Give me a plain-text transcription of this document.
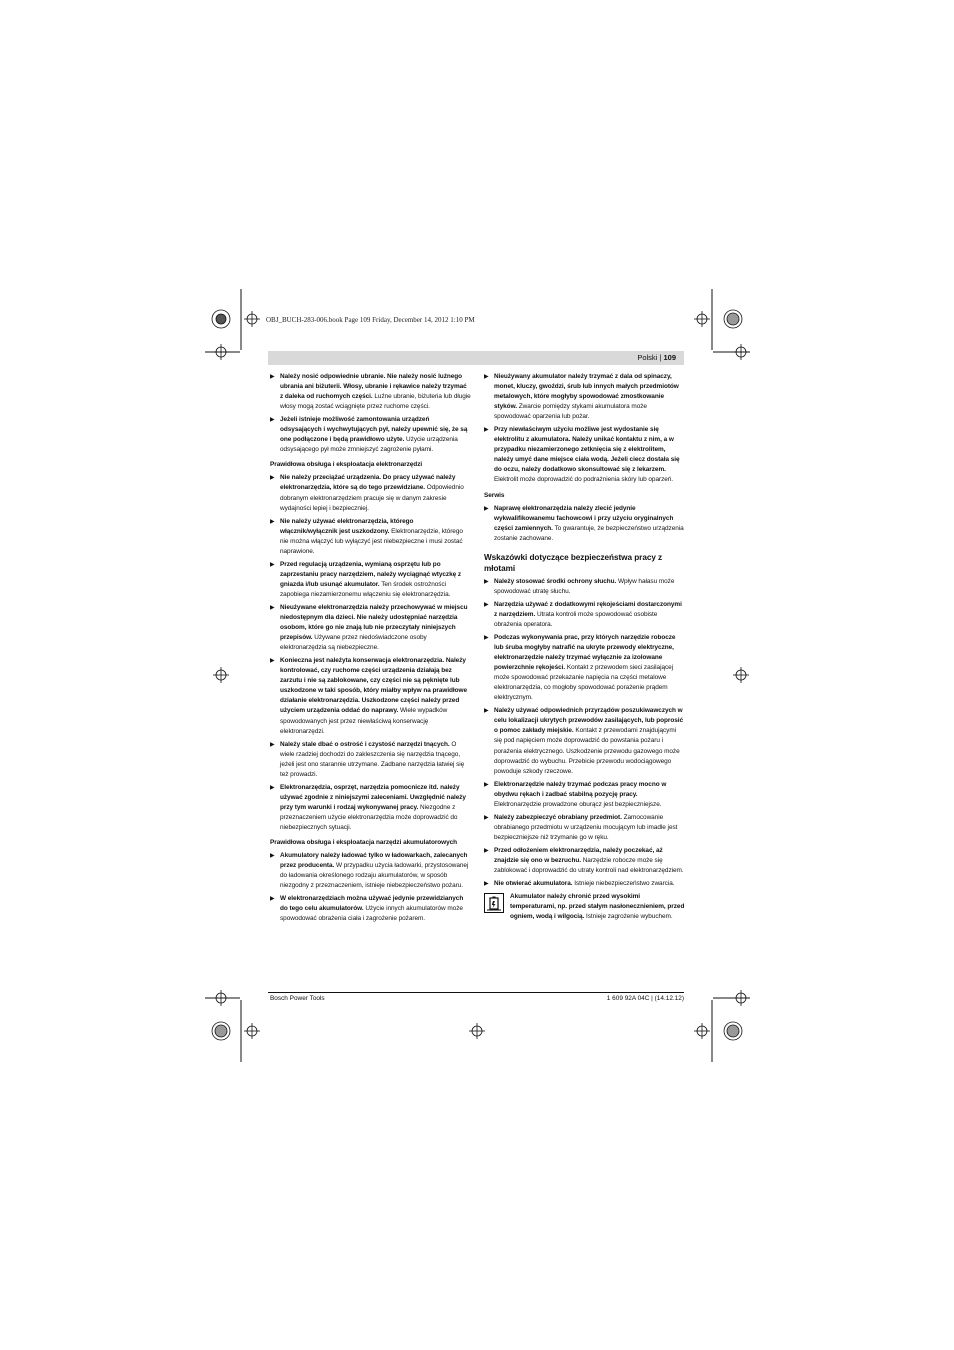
OBJ_BUCH-283-006.book Page 109 Friday, December 14, 2012 1:10 PM
Polski | 109
▶ Należy nosić odpowiednie ubranie. Nie należy nosić luźnego ubrania ani biżuterii. Włosy, ubranie i rękawice należy trzymać z daleka od ruchomych części. Luźne ubranie, biżuteria lub długie włosy mogą zostać wciągnięte przez ruchome części.
▶ Jeżeli istnieje możliwość zamontowania urządzeń odsysających i wychwytujących pył, należy upewnić się, że są one podłączone i będą prawidłowo użyte. Użycie urządzenia odsysającego pył może zmniejszyć zagrożenie pyłami.
Prawidłowa obsługa i eksploatacja elektronarzędzi
▶ Nie należy przeciążać urządzenia. Do pracy używać należy elektronarzędzia, które są do tego przewidziane. Odpowiednio dobranym elektronarzędziem pracuje się w danym zakresie wydajności lepiej i bezpieczniej.
▶ Nie należy używać elektronarzędzia, którego włącznik/wyłącznik jest uszkodzony. Elektronarzędzie, którego nie można włączyć lub wyłączyć jest niebezpieczne i musi zostać naprawione.
▶ Przed regulacją urządzenia, wymianą osprzętu lub po zaprzestaniu pracy narzędziem, należy wyciągnąć wtyczkę z gniazda i/lub usunąć akumulator. Ten środek ostrożności zapobiega niezamierzonemu włączeniu się elektronarzędzia.
▶ Nieużywane elektronarzędzia należy przechowywać w miejscu niedostępnym dla dzieci. Nie należy udostępniać narzędzia osobom, które go nie znają lub nie przeczytały niniejszych przepisów. Używane przez niedoświadczone osoby elektronarzędzia są niebezpieczne.
▶ Konieczna jest należyta konserwacja elektronarzędzia. Należy kontrolować, czy ruchome części urządzenia działają bez zarzutu i nie są zablokowane, czy części nie są pęknięte lub uszkodzone w taki sposób, który miałby wpływ na prawidłowe działanie elektronarzędzia. Uszkodzone części należy przed użyciem urządzenia oddać do naprawy. Wiele wypadków spowodowanych jest przez niewłaściwą konserwację elektronarzędzi.
▶ Należy stale dbać o ostrość i czystość narzędzi tnących. O wiele rzadziej dochodzi do zakleszczenia się narzędzia tnącego, jeżeli jest ono starannie utrzymane. Zadbane narzędzia łatwiej się też prowadzi.
▶ Elektronarzędzia, osprzęt, narzędzia pomocnicze itd. należy używać zgodnie z niniejszymi zaleceniami. Uwzględnić należy przy tym warunki i rodzaj wykonywanej pracy. Niezgodne z przeznaczeniem użycie elektronarzędzia może doprowadzić do niebezpiecznych sytuacji.
Prawidłowa obsługa i eksploatacja narzędzi akumulatorowych
▶ Akumulatory należy ładować tylko w ładowarkach, zalecanych przez producenta. W przypadku użycia ładowarki, przystosowanej do ładowania określonego rodzaju akumulatorów, w sposób niezgodny z przeznaczeniem, istnieje niebezpieczeństwo pożaru.
▶ W elektronarzędziach można używać jedynie przewidzianych do tego celu akumulatorów. Użycie innych akumulatorów może spowodować obrażenia ciała i zagrożenie pożarem.
▶ Nieużywany akumulator należy trzymać z dala od spinaczy, monet, kluczy, gwoździ, śrub lub innych małych przedmiotów metalowych, które mogłyby spowodować zmostkowanie styków. Zwarcie pomiędzy stykami akumulatora może spowodować oparzenia lub pożar.
▶ Przy niewłaściwym użyciu możliwe jest wydostanie się elektrolitu z akumulatora. Należy unikać kontaktu z nim, a w przypadku niezamierzonego zetknięcia się z elektrolitem, należy umyć dane miejsce ciała wodą. Jeżeli ciecz dostała się do oczu, należy dodatkowo skonsultować się z lekarzem. Elektrolit może doprowadzić do podrażnienia skóry lub oparzeń.
Serwis
▶ Naprawę elektronarzędzia należy zlecić jedynie wykwalifikowanemu fachowcowi i przy użyciu oryginalnych części zamiennych. To gwarantuje, że bezpieczeństwo urządzenia zostanie zachowane.
Wskazówki dotyczące bezpieczeństwa pracy z młotami
▶ Należy stosować środki ochrony słuchu. Wpływ hałasu może spowodować utratę słuchu.
▶ Narzędzia używać z dodatkowymi rękojeściami dostarczonymi z narzędziem. Utrata kontroli może spowodować osobiste obrażenia operatora.
▶ Podczas wykonywania prac, przy których narzędzie robocze lub śruba mogłyby natrafić na ukryte przewody elektryczne, elektronarzędzie należy trzymać wyłącznie za izolowane powierzchnie rękojeści. Kontakt z przewodem sieci zasilającej może spowodować przekazanie napięcia na części metalowe elektronarzędzia, co mogłoby spowodować porażenie prądem elektrycznym.
▶ Należy używać odpowiednich przyrządów poszukiwawczych w celu lokalizacji ukrytych przewodów zasilających, lub poprosić o pomoc zakłady miejskie. Kontakt z przewodami znajdującymi się pod napięciem może doprowadzić do powstania pożaru i porażenia elektrycznego. Uszkodzenie przewodu gazowego może doprowadzić do wybuchu. Przebicie przewodu wodociągowego powoduje szkody rzeczowe.
▶ Elektronarzędzie należy trzymać podczas pracy mocno w obydwu rękach i zadbać stabilną pozycję pracy. Elektronarzędzie prowadzone oburącz jest bezpieczniejsze.
▶ Należy zabezpieczyć obrabiany przedmiot. Zamocowanie obrabianego przedmiotu w urządzeniu mocującym lub imadle jest bezpieczniejsze niż trzymanie go w ręku.
▶ Przed odłożeniem elektronarzędzia, należy poczekać, aż znajdzie się ono w bezruchu. Narzędzie robocze może się zablokować i doprowadzić do utraty kontroli nad elektronarzędziem.
▶ Nie otwierać akumulatora. Istnieje niebezpieczeństwo zwarcia.
Akumulator należy chronić przed wysokimi temperaturami, np. przed stałym nasłonecznieniem, przed ogniem, wodą i wilgocią. Istnieje zagrożenie wybuchem.
Bosch Power Tools	1 609 92A 04C | (14.12.12)
